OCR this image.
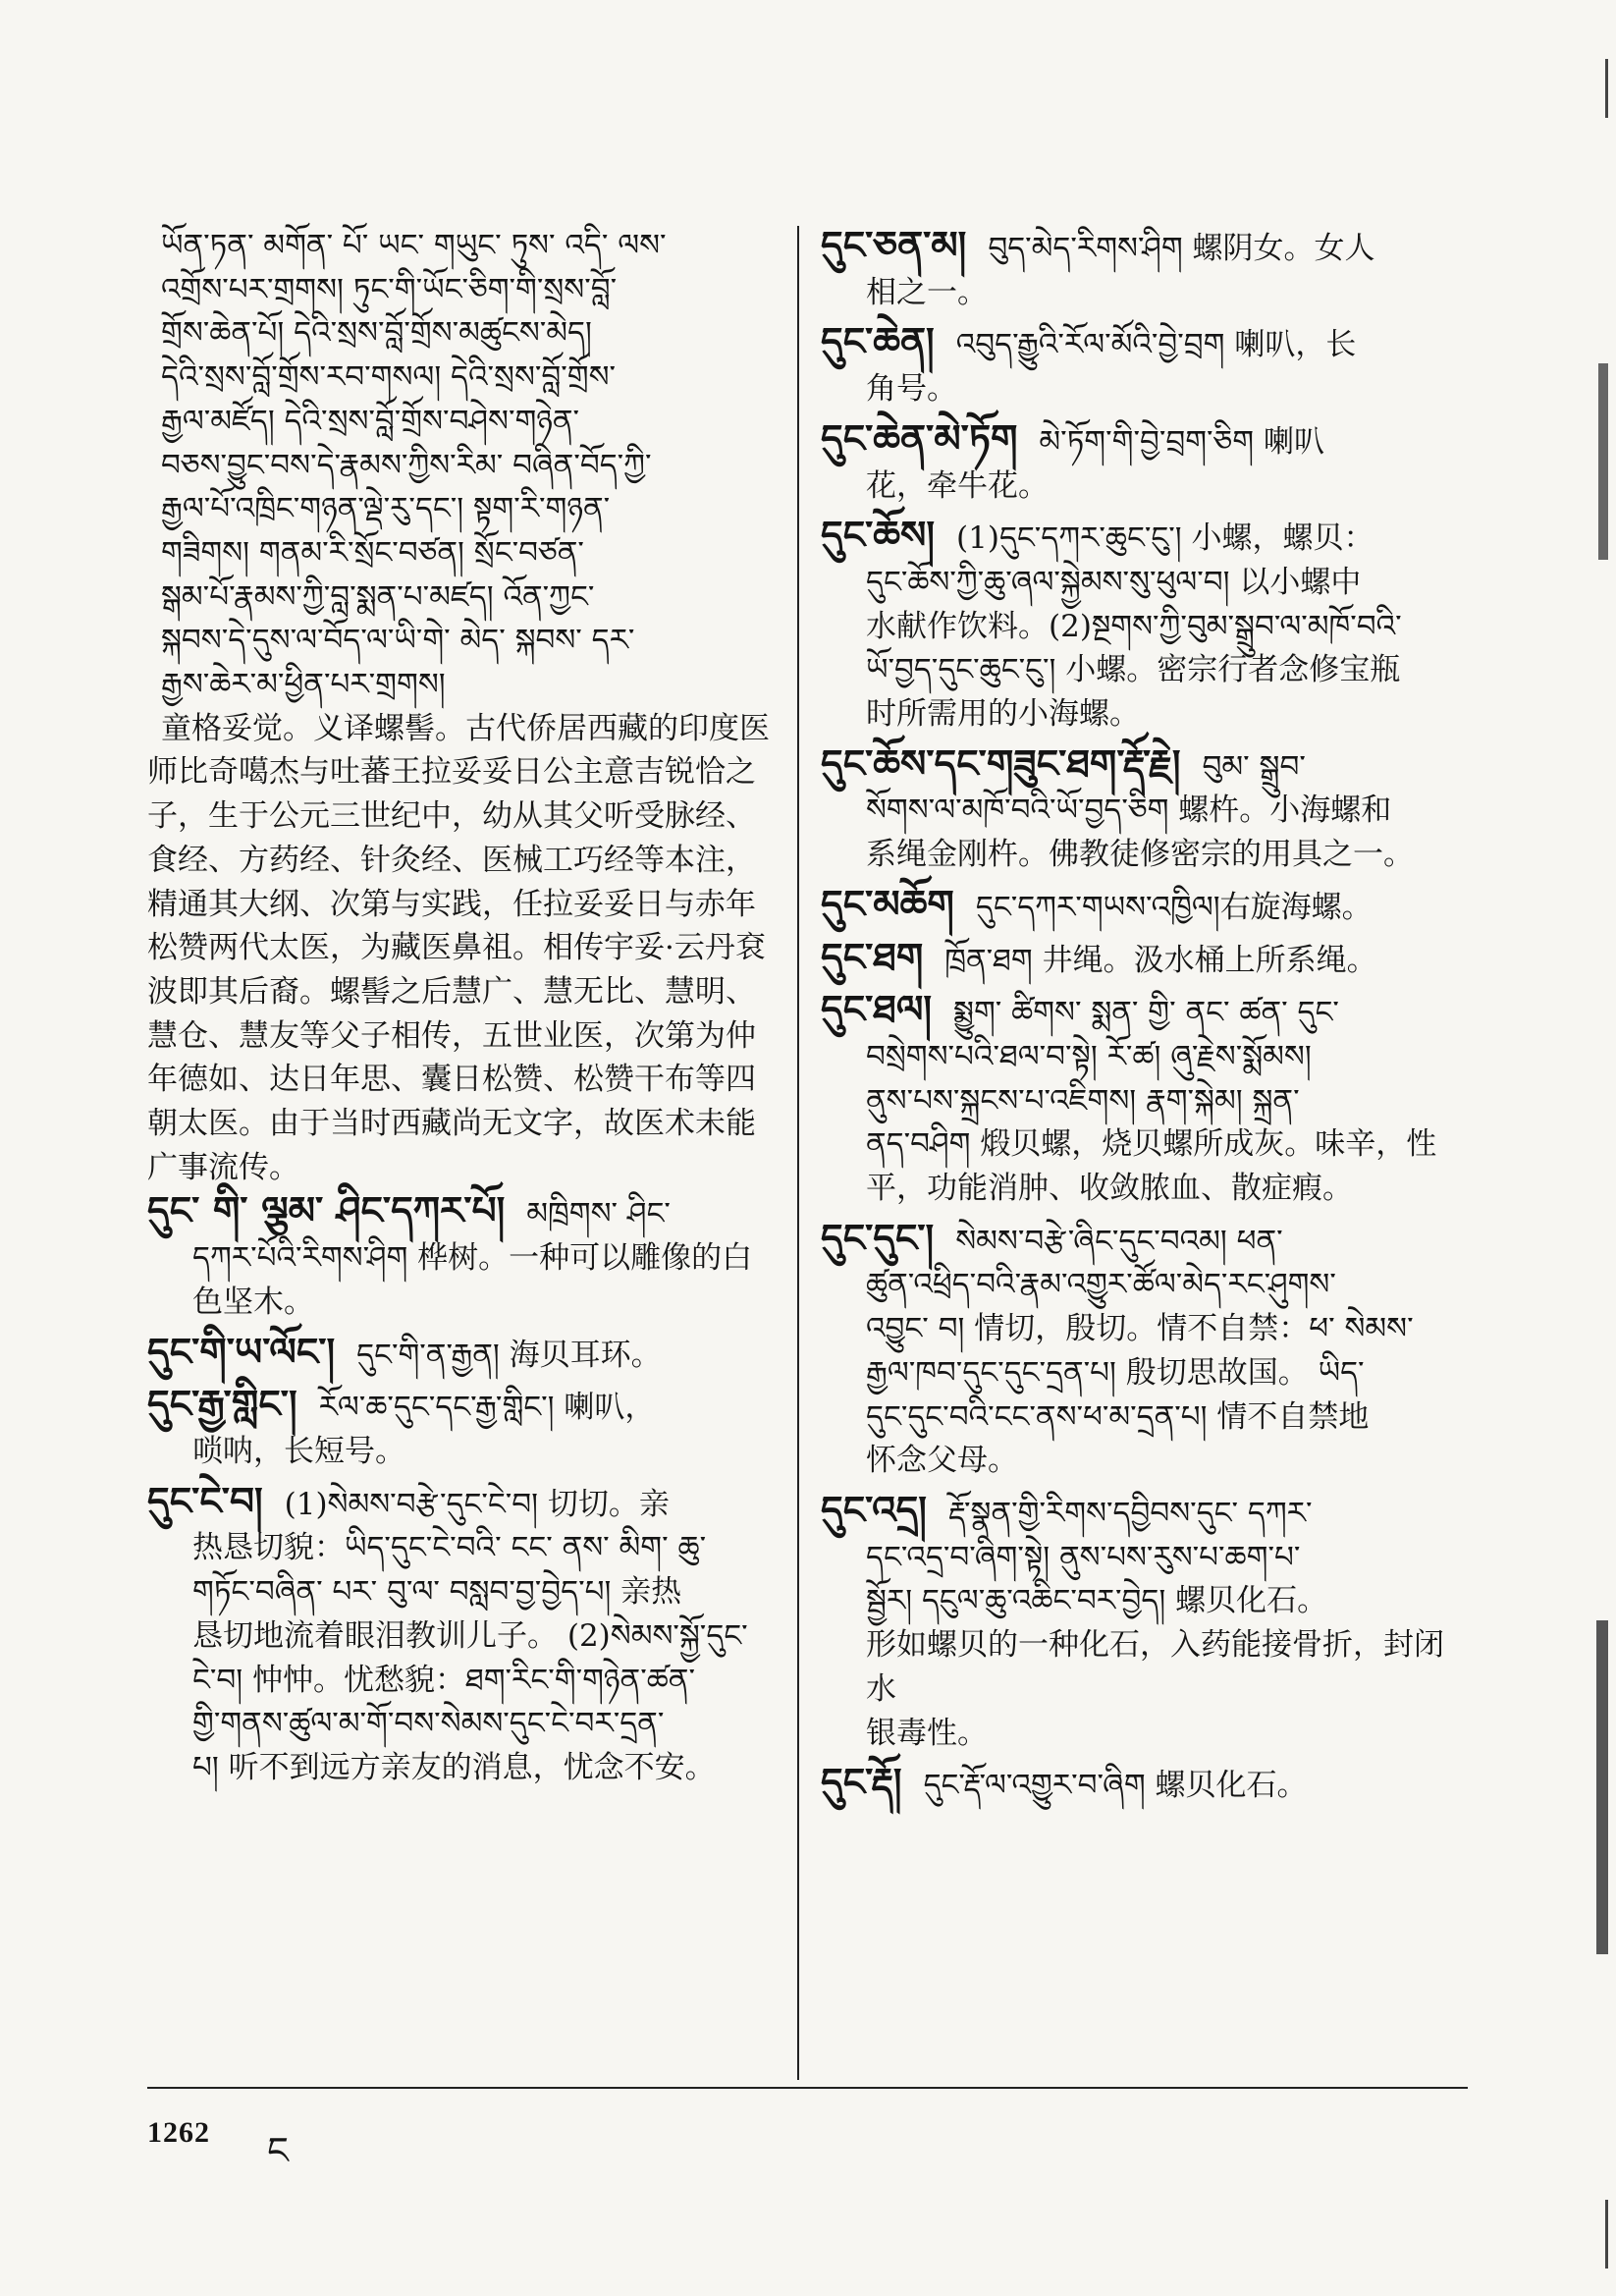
ཡོན་ཏན་ མགོན་ པོ་ ཡང་ གཡུང་ ཏུས་ འདི་ ལས་

འགྲོས་པར་གྲགས། ཏུང་གི་ཡོང་ཅིག་གི་སྲས་བློ་

གྲོས་ཆེན་པོ། དེའི་སྲས་བློ་གྲོས་མཚུངས་མེད།

དེའི་སྲས་བློ་གྲོས་རབ་གསལ། དེའི་སྲས་བློ་གྲོས་

རྒྱལ་མཛོད། དེའི་སྲས་བློ་གྲོས་བཤེས་གཉེན་

བཅས་བྱུང་བས་དེ་རྣམས་ཀྱིས་རིམ་ བཞིན་བོད་ཀྱི་

རྒྱལ་པོ་འཁྲིང་གཉན་ལྡེ་རུ་དང་། སྟག་རི་གཉན་

གཟིགས། གནམ་རི་སྲོང་བཙན། སྲོང་བཙན་

སྒམ་པོ་རྣམས་ཀྱི་བླ་སྨན་པ་མཛད། འོན་ཀྱང་

སྐབས་དེ་དུས་ལ་བོད་ལ་ཡི་གེ་ མེད་ སྐབས་ དར་

རྒྱས་ཆེར་མ་ཕྱིན་པར་གྲགས།

童格妥觉。义译螺髻。古代侨居西藏的印度医师比奇噶杰与吐蕃王拉妥妥日公主意吉锐恰之子，生于公元三世纪中，幼从其父听受脉经、食经、方药经、针灸经、医械工巧经等本注，精通其大纲、次第与实践，任拉妥妥日与赤年松赞两代太医，为藏医鼻祖。相传宇妥·云丹袞波即其后裔。螺髻之后慧广、慧无比、慧明、慧仓、慧友等父子相传，五世业医，次第为仲年德如、达日年思、囊日松赞、松赞干布等四朝太医。由于当时西藏尚无文字，故医术未能广事流传。

དུང་ གི་ ལྕམ་ ཤིང་དཀར་པོ། མཁྲིགས་ ཤིང་

དཀར་པོའི་རིགས་ཤིག 桦树。一种可以雕像的白

色坚木。

དུང་གི་ཡ་ལོང་། དུང་གི་ན་རྒྱན། 海贝耳环。

དུང་རྒྱ་གླིང་། རོལ་ཆ་དུང་དང་རྒྱ་གླིང་། 喇叭，

唢呐，长短号。

དུང་ངེ་བ། (1)སེམས་བརྩེ་དུང་ངེ་བ། 切切。亲

热恳切貌：ཡིད་དུང་ངེ་བའི་ ངང་ ནས་ མིག་ ཆུ་

གཏོང་བཞིན་ པར་ བུ་ལ་ བསླབ་བྱ་བྱེད་པ། 亲热

恳切地流着眼泪教训儿子。 (2)སེམས་སྐྱོ་དུང་

ངེ་བ། 忡忡。忧愁貌：ཐག་རིང་གི་གཉེན་ཚན་

གྱི་གནས་ཚུལ་མ་གོ་བས་སེམས་དུང་ངེ་བར་དྲན་

པ། 听不到远方亲友的消息，忧念不安。

དུང་ཅན་མ། བུད་མེད་རིགས་ཤིག 螺阴女。女人

相之一。

དུང་ཆེན། འབུད་རྒྱུའི་རོལ་མོའི་བྱེ་བྲག 喇叭，长

角号。

དུང་ཆེན་མེ་ཏོག མེ་ཏོག་གི་བྱེ་བྲག་ཅིག 喇叭

花，牵牛花。

དུང་ཆོས། (1)དུང་དཀར་ཆུང་ངུ་། 小螺，螺贝：

དུང་ཆོས་ཀྱི་ཆུ་ཞལ་སྐྱེམས་སུ་ཕུལ་བ། 以小螺中

水献作饮料。(2)སྔགས་ཀྱི་བུམ་སྒྲུབ་ལ་མཁོ་བའི་

ཡོ་བྱད་དུང་ཆུང་ངུ་། 小螺。密宗行者念修宝瓶

时所需用的小海螺。

དུང་ཆོས་དང་གཟུང་ཐག་རྡོ་རྗེ། བུམ་ སྒྲུབ་

སོགས་ལ་མཁོ་བའི་ཡོ་བྱད་ཅིག 螺杵。小海螺和

系绳金刚杵。佛教徒修密宗的用具之一。

དུང་མཆོག དུང་དཀར་གཡས་འཁྱིལ།右旋海螺。

དུང་ཐག ཁྲོན་ཐག 井绳。汲水桶上所系绳。

དུང་ཐལ། སྨྱུག་ ཚིགས་ སྨན་ གྱི་ ནང་ ཚན་ དུང་

བསྲེགས་པའི་ཐལ་བ་སྟེ། རོ་ཚ། ཞུ་རྗེས་སྨོམས།

ནུས་པས་སྐྲངས་པ་འཇིགས། རྣག་སྐེམ། སྐྲན་

ནད་བཤིག 煅贝螺，烧贝螺所成灰。味辛，性

平，功能消肿、收敛脓血、散症瘕。

དུང་དུང་། སེམས་བརྩེ་ཞིང་དུང་བའམ། ཕན་

ཚུན་འཕྲིད་བའི་རྣམ་འགྱུར་ཚོལ་མེད་རང་ཤུགས་

འབྱུང་ བ། 情切，殷切。情不自禁：ཕ་ སེམས་

རྒྱལ་ཁབ་དུང་དུང་དྲན་པ། 殷切思故国。 ཡིད་

དུང་དུང་བའི་ངང་ནས་ཕ་མ་དྲན་པ། 情不自禁地

怀念父母。

དུང་འདྲ། རྡོ་སྣན་གྱི་རིགས་དབྱིབས་དུང་ དཀར་

དང་འདྲ་བ་ཞིག་སྟེ། ནུས་པས་རུས་པ་ཆག་པ་

སྦྱོར། དངུལ་ཆུ་འཆིང་བར་བྱེད། 螺贝化石。

形如螺贝的一种化石，入药能接骨折，封闭水

银毒性。

དུང་རྡོ། དུང་རྡོ་ལ་འགྱུར་བ་ཞིག 螺贝化石。

1262 ང
